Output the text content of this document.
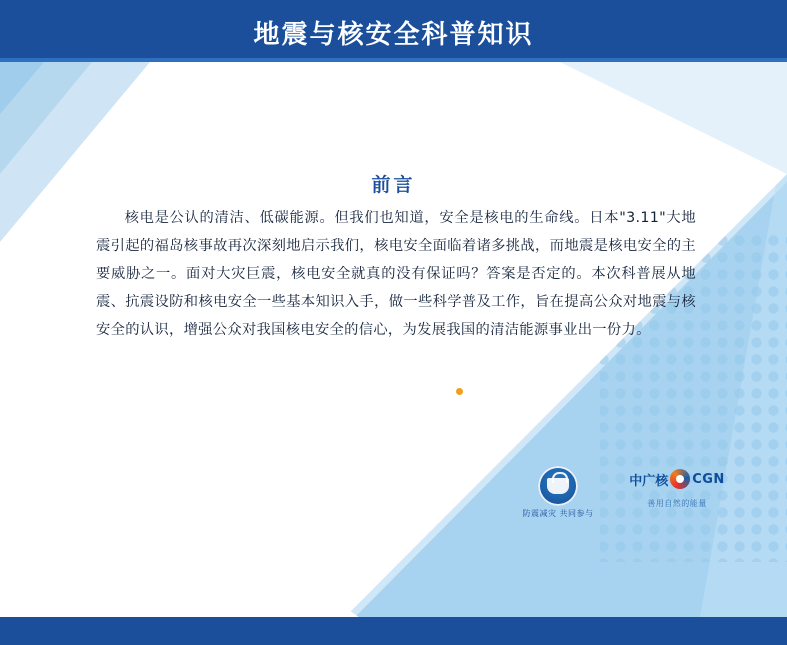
地震与核安全科普知识
前言
核电是公认的清洁、低碳能源。但我们也知道，安全是核电的生命线。日本"3.11"大地震引起的福岛核事故再次深刻地启示我们，核电安全面临着诸多挑战，而地震是核电安全的主要威胁之一。面对大灾巨震，核电安全就真的没有保证吗？答案是否定的。本次科普展从地震、抗震设防和核电安全一些基本知识入手，做一些科学普及工作，旨在提高公众对地震与核安全的认识，增强公众对我国核电安全的信心，为发展我国的清洁能源事业出一份力。
防震减灾 共同参与
中广核 CGN
善用自然的能量
